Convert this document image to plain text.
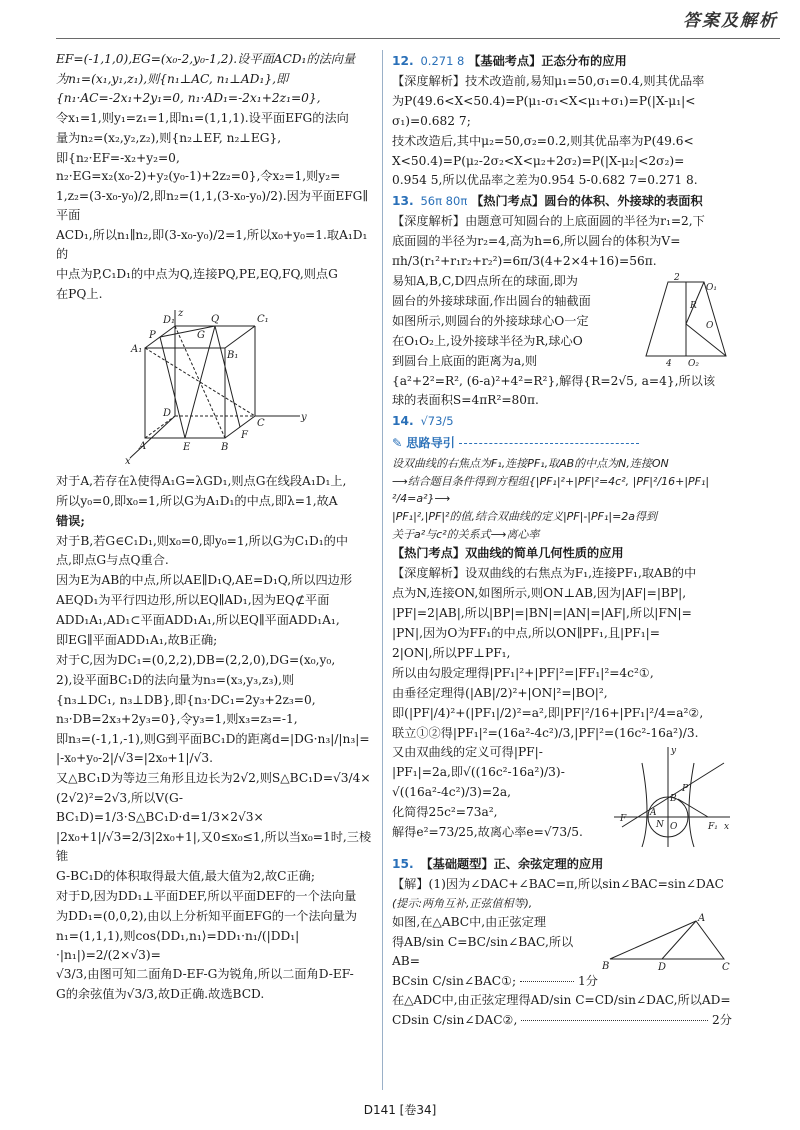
答案及解析

EF=(-1,1,0),EG=(x₀-2,y₀-1,2).设平面ACD₁的法向量

为n₁=(x₁,y₁,z₁),则{n₁⊥AC, n₁⊥AD₁},即{n₁·AC=-2x₁+2y₁=0, n₁·AD₁=-2x₁+2z₁=0},

令x₁=1,则y₁=z₁=1,即n₁=(1,1,1).设平面EFG的法向

量为n₂=(x₂,y₂,z₂),则{n₂⊥EF, n₂⊥EG},

即{n₂·EF=-x₂+y₂=0, n₂·EG=x₂(x₀-2)+y₂(y₀-1)+2z₂=0},令x₂=1,则y₂=

1,z₂=(3-x₀-y₀)/2,即n₂=(1,1,(3-x₀-y₀)/2).因为平面EFG∥平面

ACD₁,所以n₁∥n₂,即(3-x₀-y₀)/2=1,所以x₀+y₀=1.取A₁D₁的

中点为P,C₁D₁的中点为Q,连接PQ,PE,EQ,FQ,则点G

在PQ上.

z
D₁	Q	C₁
P	G
A₁
B₁
D
E
F
C
y
A	B
x

对于A,若存在λ使得A₁G=λGD₁,则点G在线段A₁D₁上,

所以y₀=0,即x₀=1,所以G为A₁D₁的中点,即λ=1,故A

错误;

对于B,若G∈C₁D₁,则x₀=0,即y₀=1,所以G为C₁D₁的中

点,即点G与点Q重合.

因为E为AB的中点,所以AE∥D₁Q,AE=D₁Q,所以四边形

AEQD₁为平行四边形,所以EQ∥AD₁,因为EQ⊄平面

ADD₁A₁,AD₁⊂平面ADD₁A₁,所以EQ∥平面ADD₁A₁,

即EG∥平面ADD₁A₁,故B正确;

对于C,因为DC₁=(0,2,2),DB=(2,2,0),DG=(x₀,y₀,

2),设平面BC₁D的法向量为n₃=(x₃,y₃,z₃),则

{n₃⊥DC₁, n₃⊥DB},即{n₃·DC₁=2y₃+2z₃=0, n₃·DB=2x₃+2y₃=0},令y₃=1,则x₃=z₃=-1,

即n₃=(-1,1,-1),则G到平面BC₁D的距离d=|DG·n₃|/|n₃|=

|-x₀+y₀-2|/√3=|2x₀+1|/√3.

又△BC₁D为等边三角形且边长为2√2,则S△BC₁D=√3/4×

(2√2)²=2√3,所以V(G-BC₁D)=1/3·S△BC₁D·d=1/3×2√3×

|2x₀+1|/√3=2/3|2x₀+1|,又0≤x₀≤1,所以当x₀=1时,三棱锥

G-BC₁D的体积取得最大值,最大值为2,故C正确;

对于D,因为DD₁⊥平面DEF,所以平面DEF的一个法向量

为DD₁=(0,0,2),由以上分析知平面EFG的一个法向量为

n₁=(1,1,1),则cos⟨DD₁,n₁⟩=DD₁·n₁/(|DD₁|·|n₁|)=2/(2×√3)=

√3/3,由图可知二面角D-EF-G为锐角,所以二面角D-EF-

G的余弦值为√3/3,故D正确.故选BCD.

12. 0.271 8 【基础考点】正态分布的应用

【深度解析】技术改造前,易知μ₁=50,σ₁=0.4,则其优品率

为P(49.6<X<50.4)=P(μ₁-σ₁<X<μ₁+σ₁)=P(|X-μ₁|<

σ₁)=0.682 7;

技术改造后,其中μ₂=50,σ₂=0.2,则其优品率为P(49.6<

X<50.4)=P(μ₂-2σ₂<X<μ₂+2σ₂)=P(|X-μ₂|<2σ₂)=

0.954 5,所以优品率之差为0.954 5-0.682 7=0.271 8.

13. 56π 80π 【热门考点】圆台的体积、外接球的表面积

【深度解析】由题意可知圆台的上底面圆的半径为r₁=2,下

底面圆的半径为r₂=4,高为h=6,所以圆台的体积为V=

πh/3(r₁²+r₁r₂+r₂²)=6π/3(4+2×4+16)=56π.

易知A,B,C,D四点所在的球面,即为

圆台的外接球球面,作出圆台的轴截面

如图所示,则圆台的外接球球心O一定

在O₁O₂上,设外接球半径为R,球心O

到圆台上底面的距离为a,则

2
O₁
R
O
4 O₂

{a²+2²=R², (6-a)²+4²=R²},解得{R=2√5, a=4},所以该

球的表面积S=4πR²=80π.

14. √73/5

✎ 思路导引

设双曲线的右焦点为F₁,连接PF₁,取AB的中点为N,连接ON

⟶结合题目条件得到方程组{|PF₁|²+|PF|²=4c², |PF|²/16+|PF₁|²/4=a²}⟶

|PF₁|²,|PF|²的值,结合双曲线的定义|PF|-|PF₁|=2a得到

关于a²与c²的关系式⟶离心率

【热门考点】双曲线的简单几何性质的应用

【深度解析】设双曲线的右焦点为F₁,连接PF₁,取AB的中

点为N,连接ON,如图所示,则ON⊥AB,因为|AF|=|BP|,

|PF|=2|AB|,所以|BP|=|BN|=|AN|=|AF|,所以|FN|=

|PN|,因为O为FF₁的中点,所以ON∥PF₁,且|PF₁|=

2|ON|,所以PF⊥PF₁,

所以由勾股定理得|PF₁|²+|PF|²=|FF₁|²=4c²①,

由垂径定理得(|AB|/2)²+|ON|²=|BO|²,

即(|PF|/4)²+(|PF₁|/2)²=a²,即|PF|²/16+|PF₁|²/4=a²②,

联立①②得|PF₁|²=(16a²-4c²)/3,|PF|²=(16c²-16a²)/3.

又由双曲线的定义可得|PF|-

|PF₁|=2a,即√((16c²-16a²)/3)-

√((16a²-4c²)/3)=2a,

化简得25c²=73a²,

解得e²=73/25,故离心率e=√73/5.

y
P
B
F
A
N O	F₁ x

15. 【基础题型】正、余弦定理的应用

【解】(1)因为∠DAC+∠BAC=π,所以sin∠BAC=sin∠DAC

(提示:两角互补,正弦值相等),

如图,在△ABC中,由正弦定理

得AB/sin C=BC/sin∠BAC,所以AB=

BCsin C/sin∠BAC①;	1分
A
B	D	C

在△ADC中,由正弦定理得AD/sin C=CD/sin∠DAC,所以AD=

CDsin C/sin∠DAC②,	2分
D141 [卷34]
